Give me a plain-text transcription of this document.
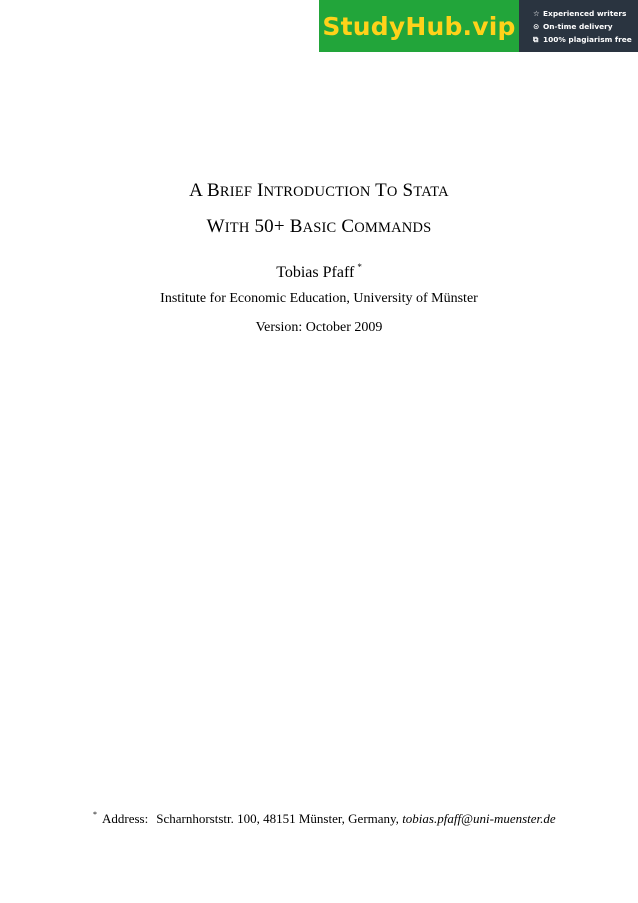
StudyHub.vip ☆ Experienced writers
⊙ On-time delivery
⧉ 100% plagiarism free
A BRIEF INTRODUCTION TO STATA
WITH 50+ BASIC COMMANDS
Tobias Pfaff *
Institute for Economic Education, University of Münster
Version: October 2009
* Address: Scharnhorststr. 100, 48151 Münster, Germany, tobias.pfaff@uni-muenster.de
